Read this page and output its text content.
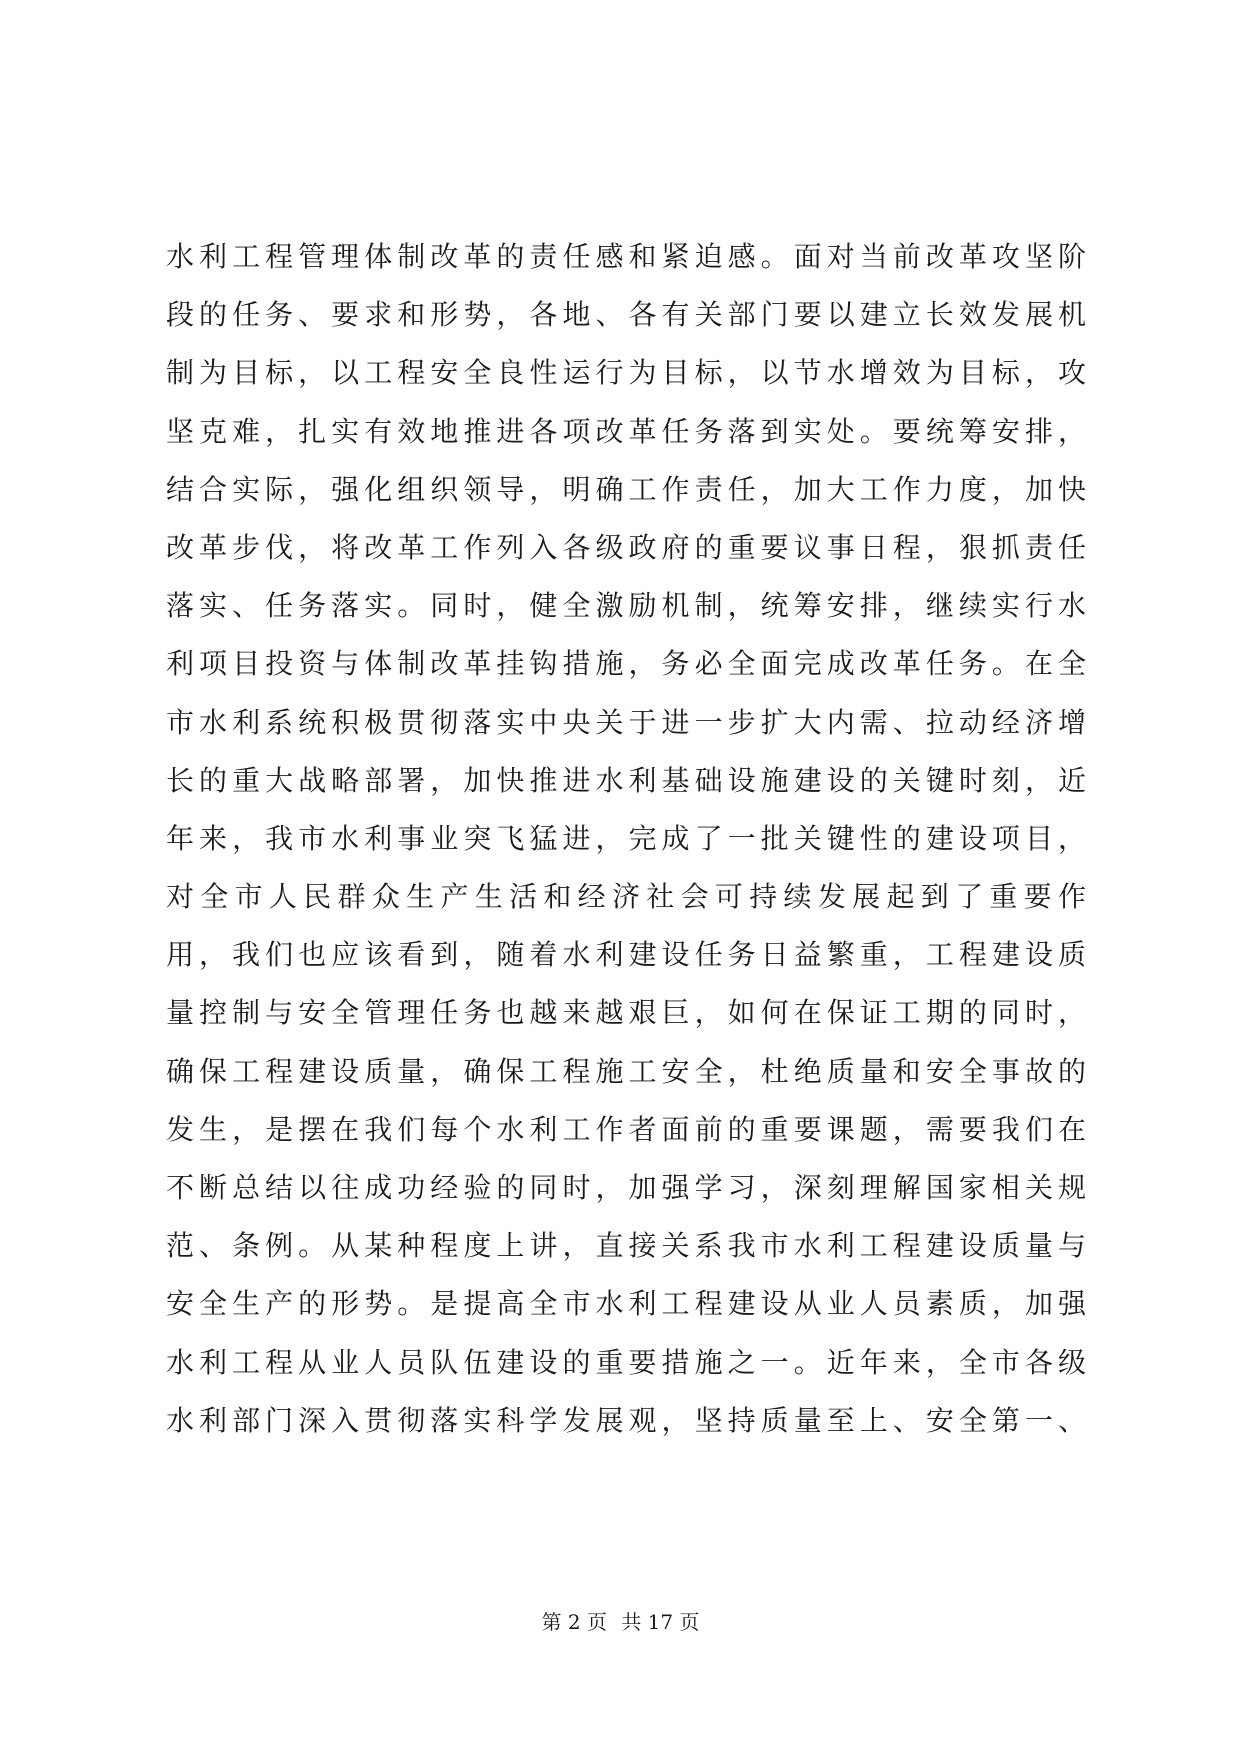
水利工程管理体制改革的责任感和紧迫感。面对当前改革攻坚阶
段的任务、要求和形势，各地、各有关部门要以建立长效发展机
制为目标，以工程安全良性运行为目标，以节水增效为目标，攻
坚克难，扎实有效地推进各项改革任务落到实处。要统筹安排，
结合实际，强化组织领导，明确工作责任，加大工作力度，加快
改革步伐，将改革工作列入各级政府的重要议事日程，狠抓责任
落实、任务落实。同时，健全激励机制，统筹安排，继续实行水
利项目投资与体制改革挂钩措施，务必全面完成改革任务。在全
市水利系统积极贯彻落实中央关于进一步扩大内需、拉动经济增
长的重大战略部署，加快推进水利基础设施建设的关键时刻，近
年来，我市水利事业突飞猛进，完成了一批关键性的建设项目，
对全市人民群众生产生活和经济社会可持续发展起到了重要作
用，我们也应该看到，随着水利建设任务日益繁重，工程建设质
量控制与安全管理任务也越来越艰巨，如何在保证工期的同时，
确保工程建设质量，确保工程施工安全，杜绝质量和安全事故的
发生，是摆在我们每个水利工作者面前的重要课题，需要我们在
不断总结以往成功经验的同时，加强学习，深刻理解国家相关规
范、条例。从某种程度上讲，直接关系我市水利工程建设质量与
安全生产的形势。是提高全市水利工程建设从业人员素质，加强
水利工程从业人员队伍建设的重要措施之一。近年来，全市各级
水利部门深入贯彻落实科学发展观，坚持质量至上、安全第一、
第 2 页 共 17 页
